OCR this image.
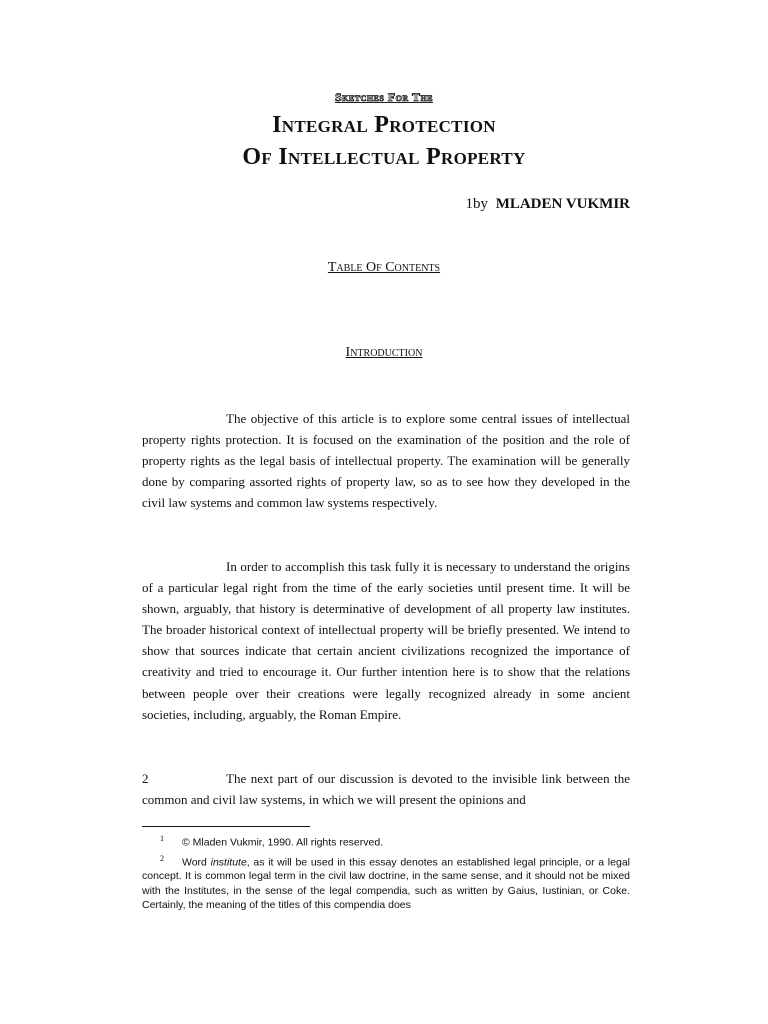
Sketches For The
Integral Protection
Of Intellectual Property
1by MLADEN VUKMIR
Table Of Contents
Introduction

The objective of this article is to explore some central issues of intellectual property rights protection. It is focused on the examination of the position and the role of property rights as the legal basis of intellectual property. The examination will be generally done by comparing assorted rights of property law, so as to see how they developed in the civil law systems and common law systems respectively.

In order to accomplish this task fully it is necessary to understand the origins of a particular legal right from the time of the early societies until present time. It will be shown, arguably, that history is determinative of development of all property law institutes. The broader historical context of intellectual property will be briefly presented. We intend to show that sources indicate that certain ancient civilizations recognized the importance of creativity and tried to encourage it. Our further intention here is to show that the relations between people over their creations were legally recognized already in some ancient societies, including, arguably, the Roman Empire.

2	The next part of our discussion is devoted to the invisible link between the common and civil law systems, in which we will present the opinions and

1 © Mladen Vukmir, 1990. All rights reserved.

2 Word institute, as it will be used in this essay denotes an established legal principle, or a legal concept. It is common legal term in the civil law doctrine, in the same sense, and it should not be mixed with the Institutes, in the sense of the legal compendia, such as written by Gaius, Iustinian, or Coke. Certainly, the meaning of the titles of this compendia does
